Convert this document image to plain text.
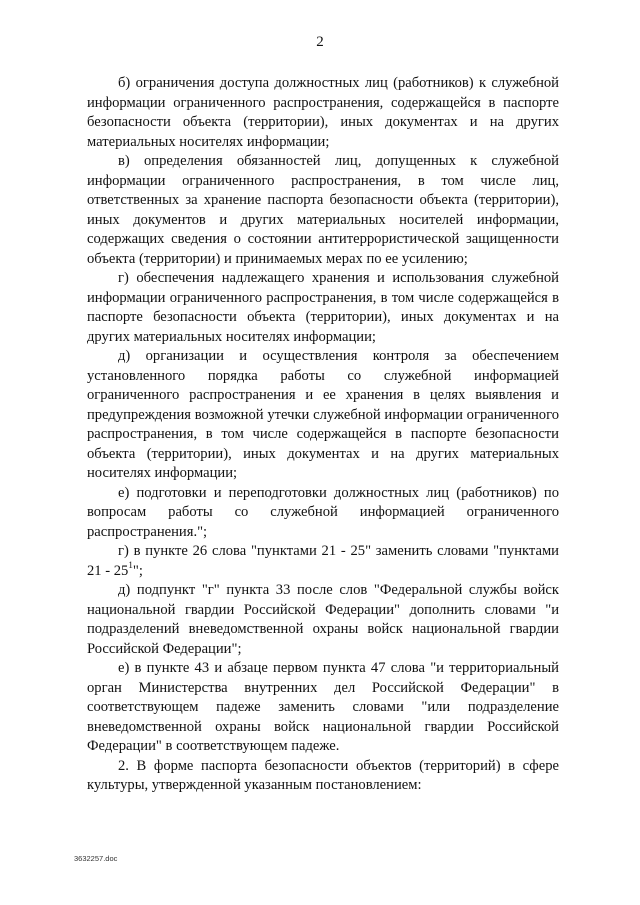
2

б) ограничения доступа должностных лиц (работников) к служебной информации ограниченного распространения, содержащейся в паспорте безопасности объекта (территории), иных документах и на других материальных носителях информации;

в) определения обязанностей лиц, допущенных к служебной информации ограниченного распространения, в том числе лиц, ответственных за хранение паспорта безопасности объекта (территории), иных документов и других материальных носителей информации, содержащих сведения о состоянии антитеррористической защищенности объекта (территории) и принимаемых мерах по ее усилению;

г) обеспечения надлежащего хранения и использования служебной информации ограниченного распространения, в том числе содержащейся в паспорте безопасности объекта (территории), иных документах и на других материальных носителях информации;

д) организации и осуществления контроля за обеспечением установленного порядка работы со служебной информацией ограниченного распространения и ее хранения в целях выявления и предупреждения возможной утечки служебной информации ограниченного распространения, в том числе содержащейся в паспорте безопасности объекта (территории), иных документах и на других материальных носителях информации;

е) подготовки и переподготовки должностных лиц (работников) по вопросам работы со служебной информацией ограниченного распространения.";

г) в пункте 26 слова "пунктами 21 - 25" заменить словами "пунктами $21 - 25^1$";

д) подпункт "г" пункта 33 после слов "Федеральной службы войск национальной гвардии Российской Федерации" дополнить словами "и подразделений вневедомственной охраны войск национальной гвардии Российской Федерации";

е) в пункте 43 и абзаце первом пункта 47 слова "и территориальный орган Министерства внутренних дел Российской Федерации" в соответствующем падеже заменить словами "или подразделение вневедомственной охраны войск национальной гвардии Российской Федерации" в соответствующем падеже.

2. В форме паспорта безопасности объектов (территорий) в сфере культуры, утвержденной указанным постановлением:

3632257.doc
